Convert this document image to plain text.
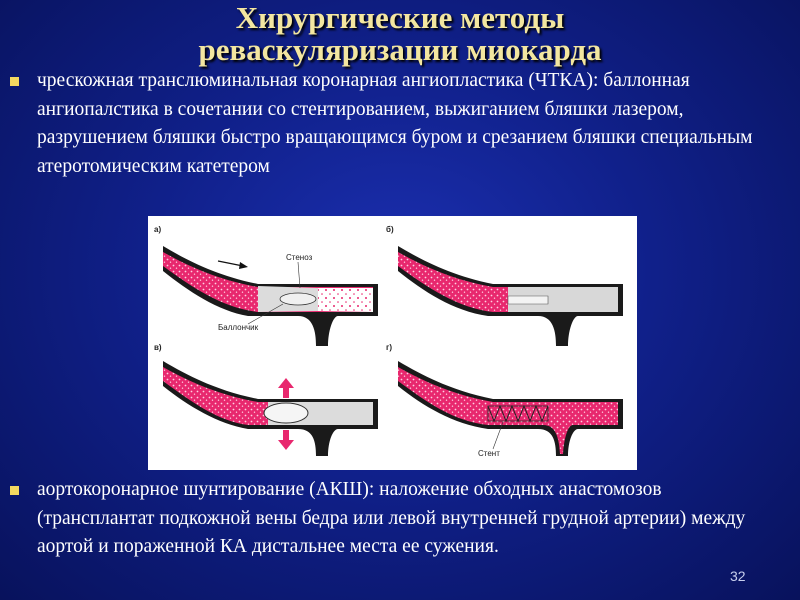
Хирургические методы
реваскуляризации миокарда
чрескожная транслюминальная коронарная ангиопластика (ЧТКА): баллонная ангиопалстика в сочетании со стентированием, выжиганием бляшки лазером, разрушением бляшки быстро вращающимся буром и срезанием бляшки специальным атеротомическим катетером
а)
Стеноз
Баллончик
б)
в)	г)
Стент
аортокоронарное шунтирование (АКШ): наложение обходных анастомозов (трансплантат подкожной вены бедра или левой внутренней грудной артерии) между аортой и пораженной КА дистальнее места ее сужения.
32
